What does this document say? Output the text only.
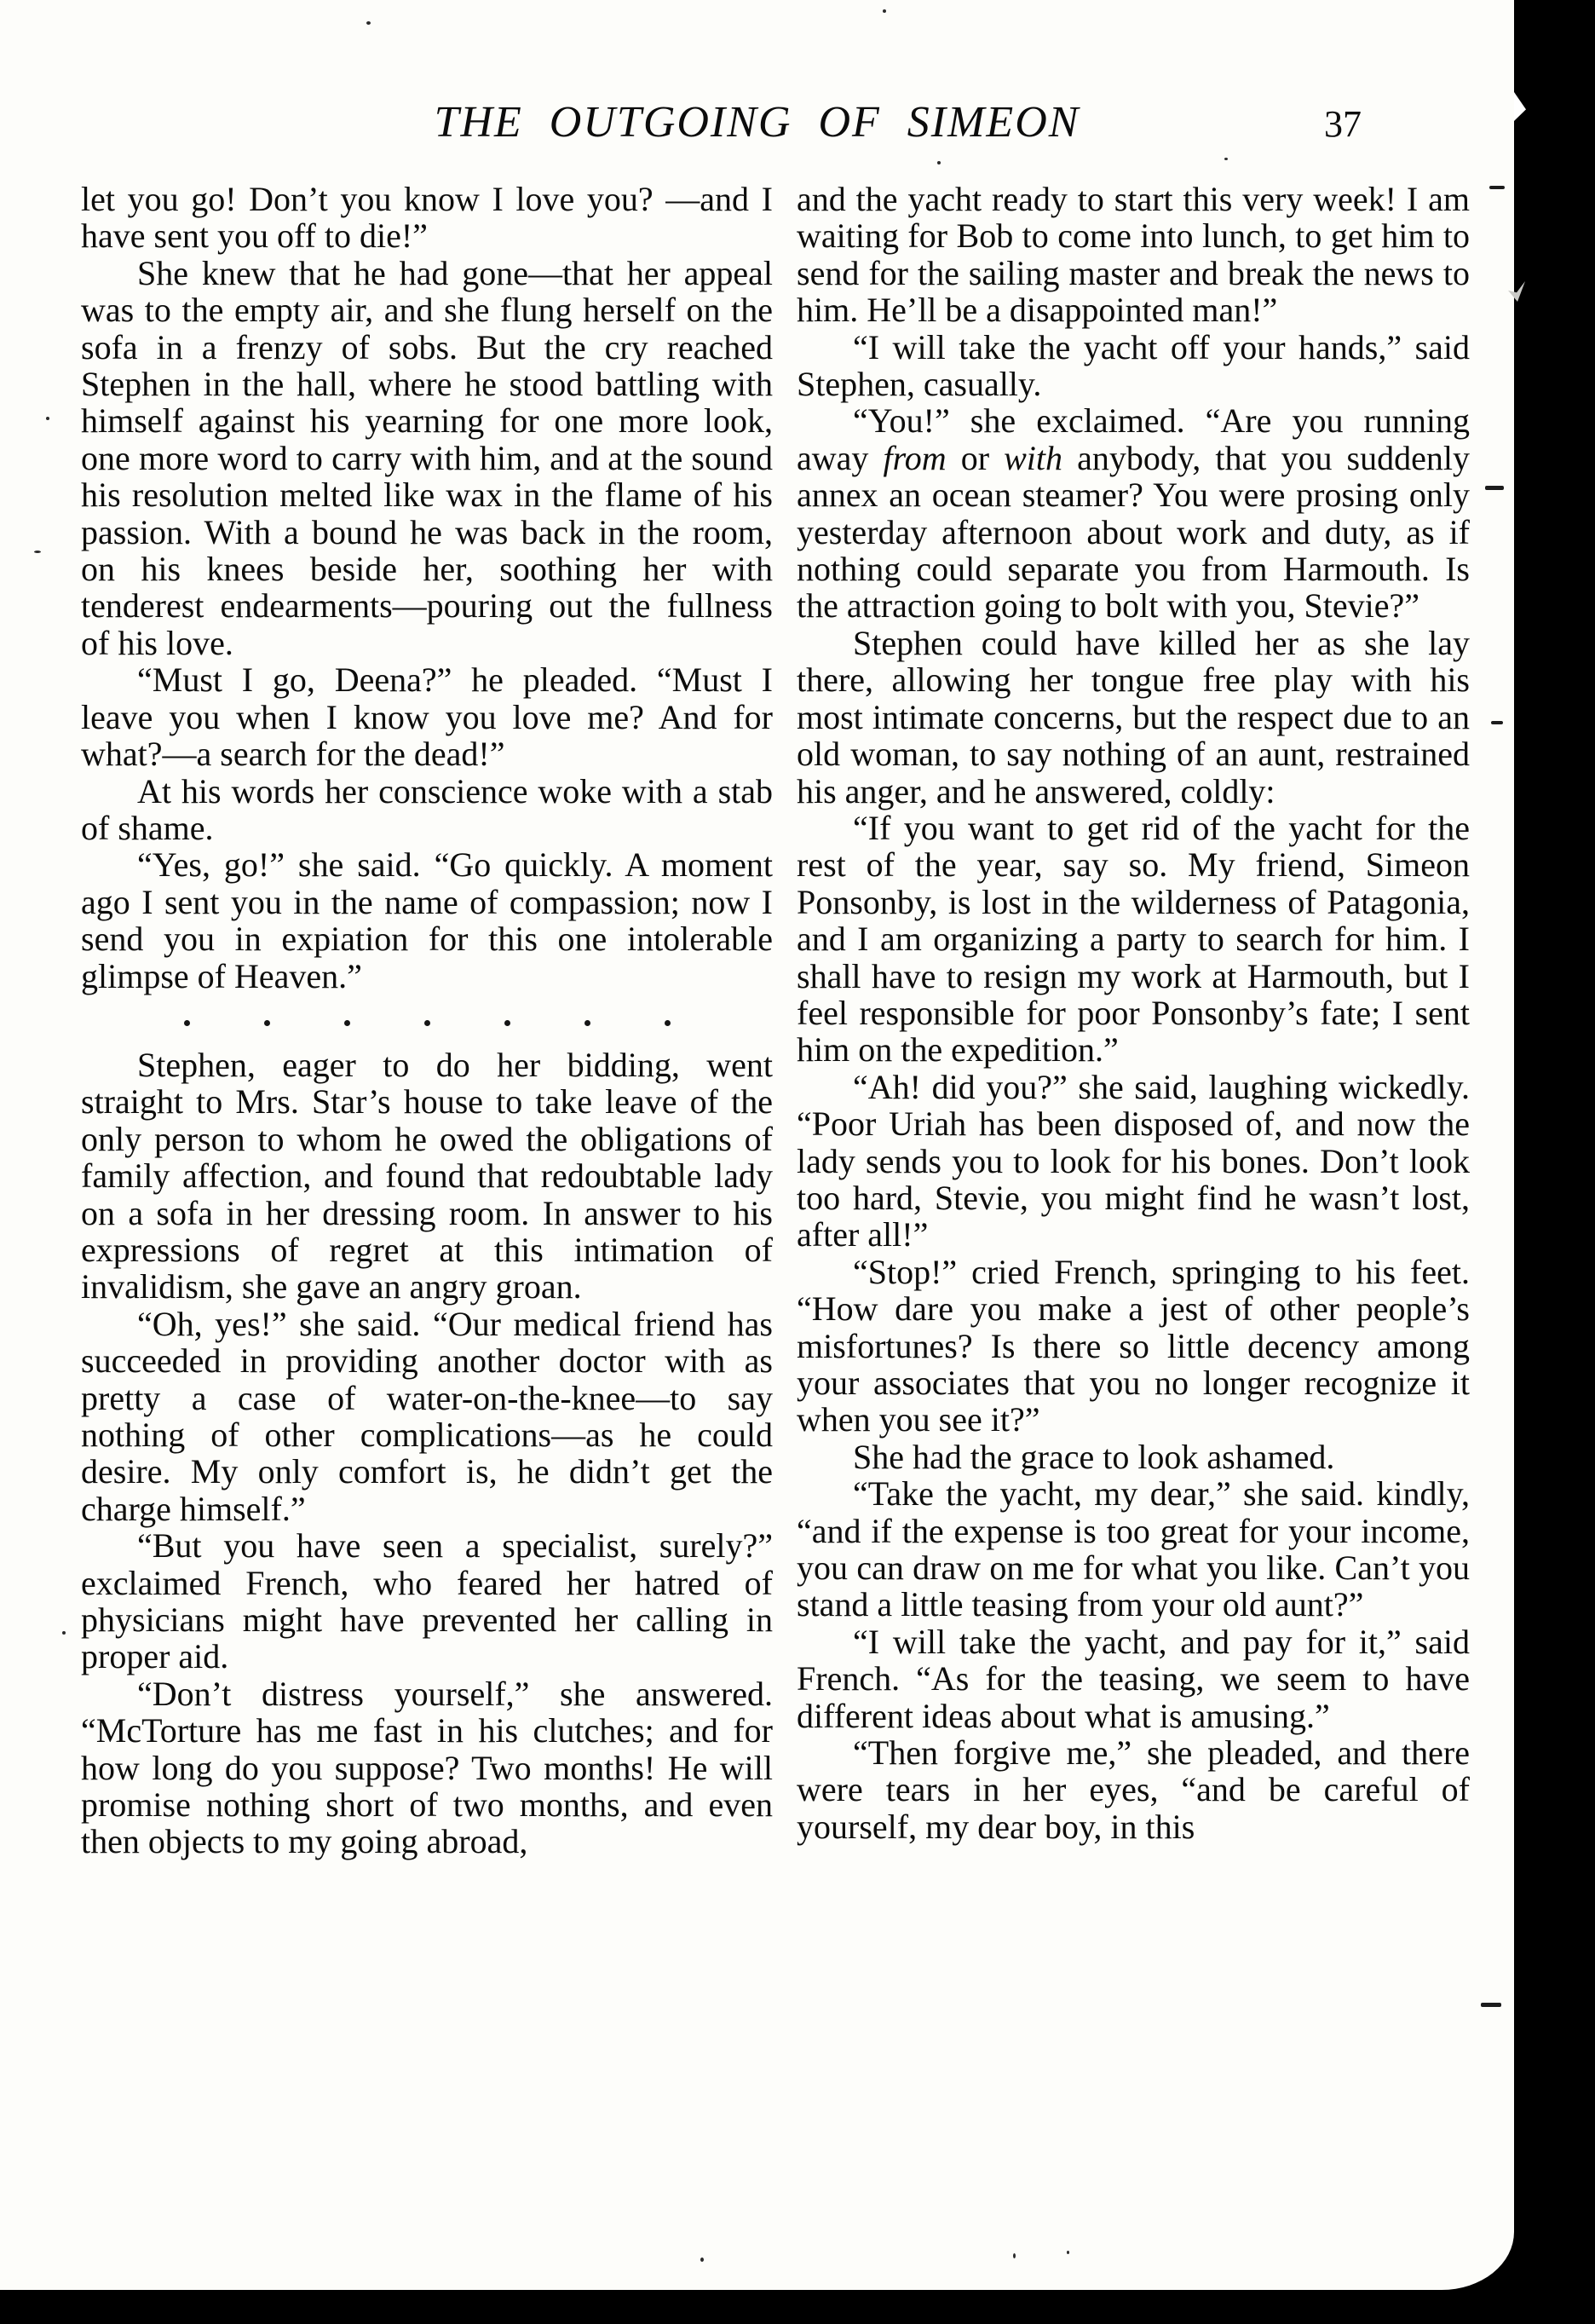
THE OUTGOING OF SIMEON	37

let you go! Don’t you know I love you? —and I have sent you off to die!”

She knew that he had gone—that her appeal was to the empty air, and she flung herself on the sofa in a frenzy of sobs. But the cry reached Stephen in the hall, where he stood battling with himself against his yearning for one more look, one more word to carry with him, and at the sound his resolution melted like wax in the flame of his passion. With a bound he was back in the room, on his knees beside her, soothing her with tenderest endearments—pouring out the fullness of his love.

“Must I go, Deena?” he pleaded. “Must I leave you when I know you love me? And for what?—a search for the dead!”

At his words her conscience woke with a stab of shame.

“Yes, go!” she said. “Go quickly. A moment ago I sent you in the name of compassion; now I send you in expiation for this one intolerable glimpse of Heaven.”

Stephen, eager to do her bidding, went straight to Mrs. Star’s house to take leave of the only person to whom he owed the obligations of family affection, and found that redoubtable lady on a sofa in her dressing room. In answer to his expressions of regret at this intimation of invalidism, she gave an angry groan.

“Oh, yes!” she said. “Our medical friend has succeeded in providing another doctor with as pretty a case of water-on-the-knee—to say nothing of other complications—as he could desire. My only comfort is, he didn’t get the charge himself.”

“But you have seen a specialist, surely?” exclaimed French, who feared her hatred of physicians might have prevented her calling in proper aid.

“Don’t distress yourself,” she answered. “McTorture has me fast in his clutches; and for how long do you suppose? Two months! He will promise nothing short of two months, and even then objects to my going abroad,

and the yacht ready to start this very week! I am waiting for Bob to come into lunch, to get him to send for the sailing master and break the news to him. He’ll be a disappointed man!”

“I will take the yacht off your hands,” said Stephen, casually.

“You!” she exclaimed. “Are you running away from or with anybody, that you suddenly annex an ocean steamer? You were prosing only yesterday afternoon about work and duty, as if nothing could separate you from Harmouth. Is the attraction going to bolt with you, Stevie?”

Stephen could have killed her as she lay there, allowing her tongue free play with his most intimate concerns, but the respect due to an old woman, to say nothing of an aunt, restrained his anger, and he answered, coldly:

“If you want to get rid of the yacht for the rest of the year, say so. My friend, Simeon Ponsonby, is lost in the wilderness of Patagonia, and I am organizing a party to search for him. I shall have to resign my work at Harmouth, but I feel responsible for poor Ponsonby’s fate; I sent him on the expedition.”

“Ah! did you?” she said, laughing wickedly. “Poor Uriah has been disposed of, and now the lady sends you to look for his bones. Don’t look too hard, Stevie, you might find he wasn’t lost, after all!”

“Stop!” cried French, springing to his feet. “How dare you make a jest of other people’s misfortunes? Is there so little decency among your associates that you no longer recognize it when you see it?”

She had the grace to look ashamed.

“Take the yacht, my dear,” she said. kindly, “and if the expense is too great for your income, you can draw on me for what you like. Can’t you stand a little teasing from your old aunt?”

“I will take the yacht, and pay for it,” said French. “As for the teasing, we seem to have different ideas about what is amusing.”

“Then forgive me,” she pleaded, and there were tears in her eyes, “and be careful of yourself, my dear boy, in this
